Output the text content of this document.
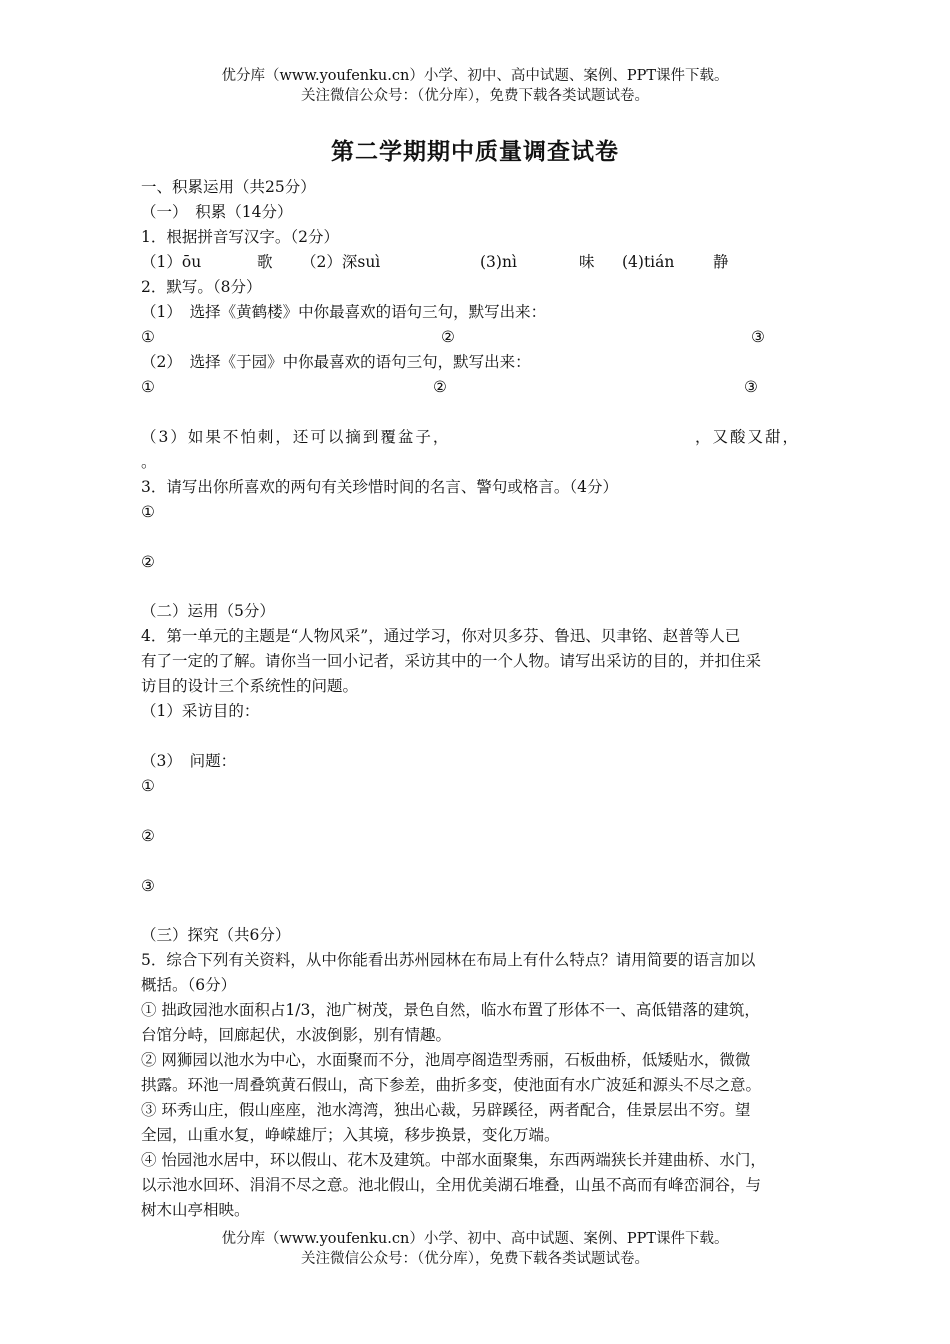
优分库（www.youfenku.cn）小学、初中、高中试题、案例、PPT课件下载。
关注微信公众号：（优分库），免费下载各类试题试卷。
第二学期期中质量调查试卷
一、积累运用（共25分）
（一）　积累（14分）
1．根据拼音写汉字。（2分）
（1）ōu	歌 （2）深suì	(3)nì	味 (4)tián 静
2．默写。（8分）
（1）　选择《黄鹤楼》中你最喜欢的语句三句，默写出来：
①	②	③
（2）　选择《于园》中你最喜欢的语句三句，默写出来：
①	②	③
（3）如果不怕刺，还可以摘到覆盆子，	，又酸又甜，
。
3．请写出你所喜欢的两句有关珍惜时间的名言、警句或格言。（4分）
①
②
（二）运用（5分）
4．第一单元的主题是“人物风采”，通过学习，你对贝多芬、鲁迅、贝聿铭、赵普等人已
有了一定的了解。请你当一回小记者，采访其中的一个人物。请写出采访的目的，并扣住采
访目的设计三个系统性的问题。
（1）采访目的：
（3）　问题：
①
②
③
（三）探究（共6分）
5．综合下列有关资料，从中你能看出苏州园林在布局上有什么特点？请用简要的语言加以
概括。（6分）
① 拙政园池水面积占1/3，池广树茂，景色自然，临水布置了形体不一、高低错落的建筑，
台馆分峙，回廊起伏，水波倒影，别有情趣。
② 网狮园以池水为中心，水面聚而不分，池周亭阁造型秀丽，石板曲桥，低矮贴水，微微
拱露。环池一周叠筑黄石假山，高下参差，曲折多变，使池面有水广波延和源头不尽之意。
③ 环秀山庄，假山座座，池水湾湾，独出心裁，另辟蹊径，两者配合，佳景层出不穷。望
全园，山重水复，峥嵘雄厅；入其境，移步换景，变化万端。
④ 怡园池水居中，环以假山、花木及建筑。中部水面聚集，东西两端狭长并建曲桥、水门，
以示池水回环、涓涓不尽之意。池北假山，全用优美湖石堆叠，山虽不高而有峰峦洞谷，与
树木山亭相映。
优分库（www.youfenku.cn）小学、初中、高中试题、案例、PPT课件下载。
关注微信公众号：（优分库），免费下载各类试题试卷。
